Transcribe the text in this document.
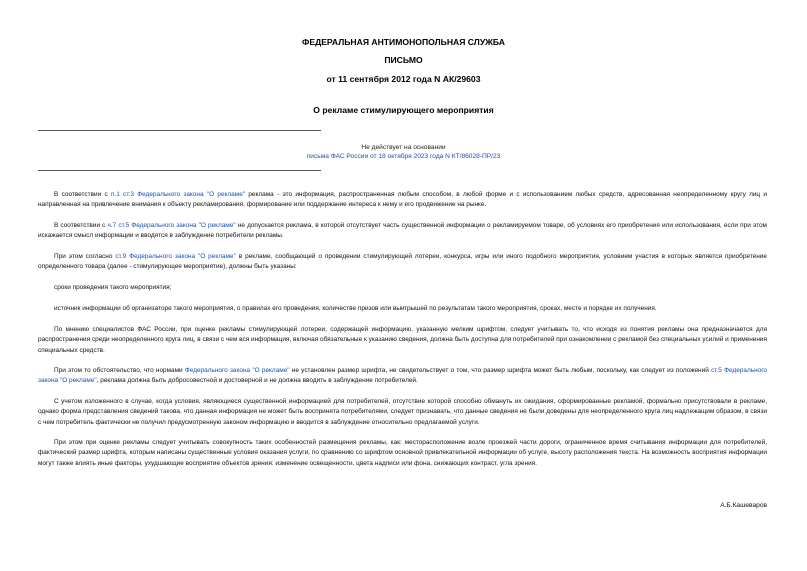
ФЕДЕРАЛЬНАЯ АНТИМОНОПОЛЬНАЯ СЛУЖБА
ПИСЬМО
от 11 сентября 2012 года N АК/29603
О рекламе стимулирующего мероприятия
Не действует на основании
письма ФАС России от 18 октября 2023 года N КТ/86028-ПР/23

В соответствии с п.1 ст.3 Федерального закона "О рекламе" реклама - это информация, распространенная любым способом, в любой форме и с использованием любых средств, адресованная неопределенному кругу лиц и направленная на привлечение внимания к объекту рекламирования, формирование или поддержание интереса к нему и его продвижение на рынке.

В соответствии с ч.7 ст.5 Федерального закона "О рекламе" не допускается реклама, в которой отсутствует часть существенной информации о рекламируемом товаре, об условиях его приобретения или использования, если при этом искажается смысл информации и вводятся в заблуждение потребители рекламы.

При этом согласно ст.9 Федерального закона "О рекламе" в рекламе, сообщающей о проведении стимулирующей лотереи, конкурса, игры или иного подобного мероприятия, условием участия в которых является приобретение определенного товара (далее - стимулирующее мероприятие), должны быть указаны:

сроки проведения такого мероприятия;

источник информации об организаторе такого мероприятия, о правилах его проведения, количестве призов или выигрышей по результатам такого мероприятия, сроках, месте и порядке их получения.

По мнению специалистов ФАС России, при оценке рекламы стимулирующей лотереи, содержащей информацию, указанную мелким шрифтом, следует учитывать то, что исходя из понятия рекламы она предназначается для распространения среди неопределенного круга лиц, в связи с чем вся информация, включая обязательные к указанию сведения, должна быть доступна для потребителей при ознакомлении с рекламой без специальных усилий и применения специальных средств.

При этом то обстоятельство, что нормами Федерального закона "О рекламе" не установлен размер шрифта, не свидетельствует о том, что размер шрифта может быть любым, поскольку, как следует из положений ст.5 Федерального закона "О рекламе", реклама должна быть добросовестной и достоверной и не должна вводить в заблуждение потребителей.

С учетом изложенного в случае, когда условия, являющиеся существенной информацией для потребителей, отсутствие которой способно обмануть их ожидания, сформированные рекламой, формально присутствовали в рекламе, однако форма представления сведений такова, что данная информация не может быть воспринята потребителями, следует признавать, что данные сведения не были доведены для неопределенного круга лиц надлежащим образом, в связи с чем потребитель фактически не получил предусмотренную законом информацию и вводится в заблуждение относительно предлагаемой услуги.

При этом при оценке рекламы следует учитывать совокупность таких особенностей размещения рекламы, как: месторасположение возле проезжей части дороги, ограниченное время считывания информации для потребителей, фактический размер шрифта, которым написаны существенные условия оказания услуги, по сравнению со шрифтом основной привлекательной информации об услуге, высоту расположения текста. На возможность восприятия информации могут также влиять иные факторы, ухудшающие восприятие объектов зрения: изменение освещенности, цвета надписи или фона, снижающих контраст, угла зрения.

А.Б.Кашеваров
